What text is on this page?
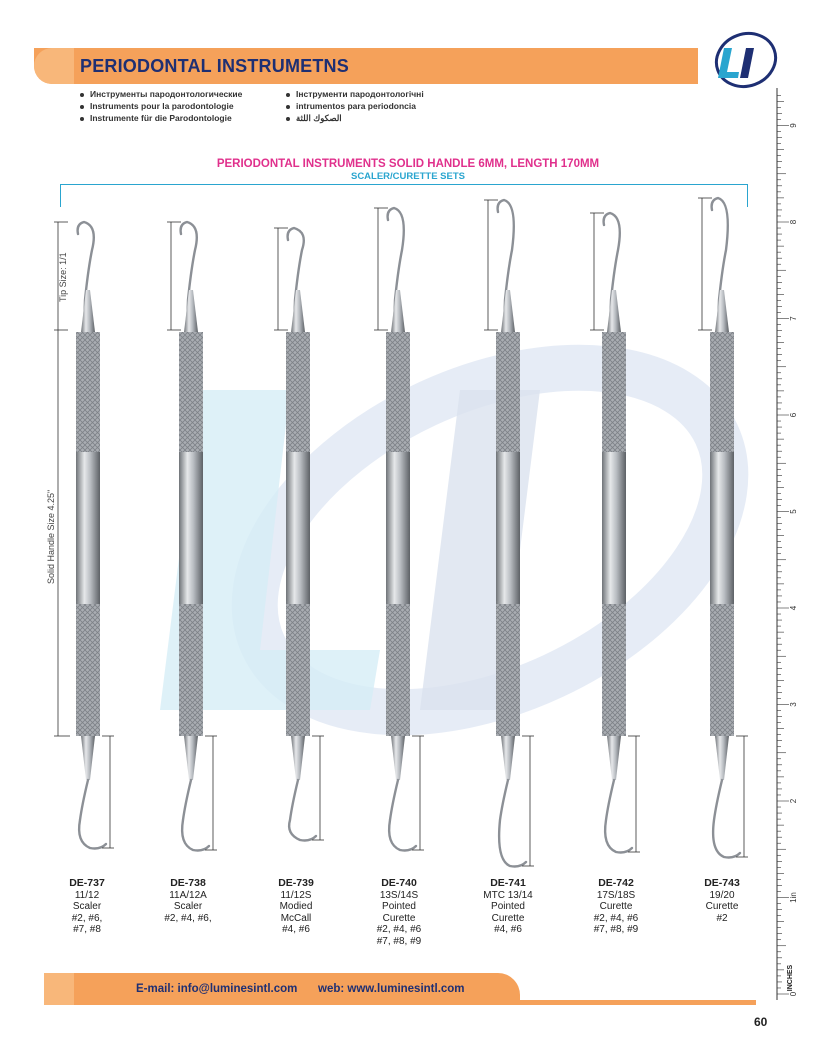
PERIODONTAL INSTRUMETNS
Инструменты пародонтологические
Instruments pour la parodontologie
Instrumente für die Parodontologie
Інструменти пародонтологічні
intrumentos para periodoncia
الصكوك اللثة
PERIODONTAL INSTRUMENTS SOLID HANDLE 6MM, LENGTH 170MM
SCALER/CURETTE SETS
Tip Size: 1/1
Solid Handle Size 4.25"
DE-737
11/12
Scaler
#2, #6,
#7, #8
DE-738
11A/12A
Scaler
#2, #4, #6,
DE-739
11/12S
Modied
McCall
#4, #6
DE-740
13S/14S
Pointed
Curette
#2, #4, #6
#7, #8, #9
DE-741
MTC 13/14
Pointed
Curette
#4, #6
DE-742
17S/18S
Curette
#2, #4, #6
#7, #8, #9
DE-743
19/20
Curette
#2
0
1in
2
3
4
5
6
7
8
9
INCHES
E-mail: info@luminesintl.com web: www.luminesintl.com
60
